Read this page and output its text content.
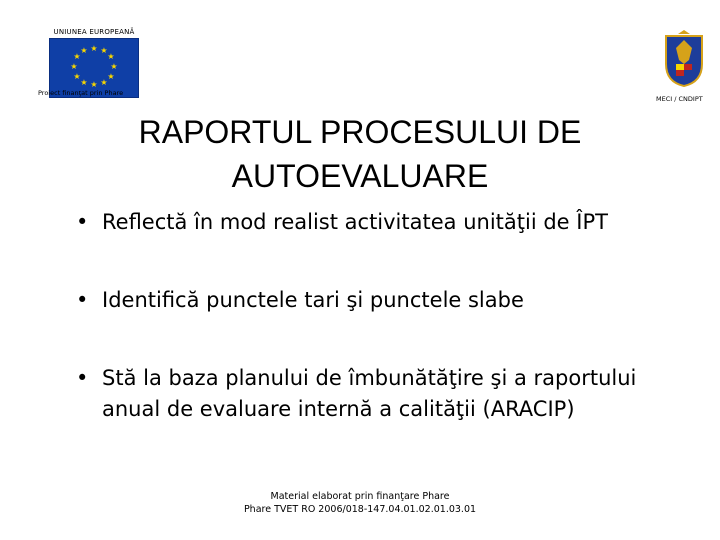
UNIUNEA EUROPEANĂ
★ ★
★
★
★
★
★
★
★
★
★
★
Proiect finanţat prin Phare
MECI / CNDIPT
RAPORTUL PROCESULUI DE AUTOEVALUARE
• Reflectă în mod realist activitatea unităţii de ÎPT
• Identifică punctele tari şi punctele slabe
• Stă la baza planului de îmbunătăţire şi a raportului anual de evaluare internă a calităţii (ARACIP)
Material elaborat prin finanţare Phare
Phare TVET RO 2006/018-147.04.01.02.01.03.01
